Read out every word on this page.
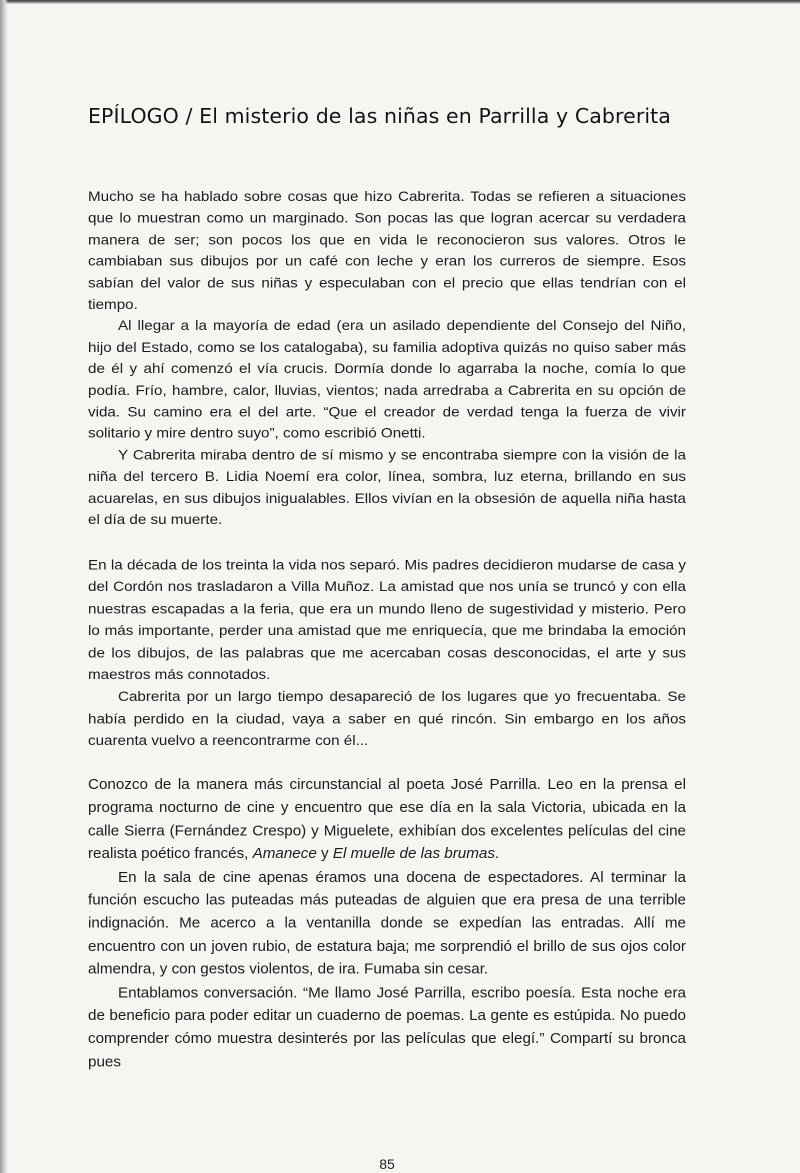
EPÍLOGO / El misterio de las niñas en Parrilla y Cabrerita

Mucho se ha hablado sobre cosas que hizo Cabrerita. Todas se refieren a situaciones que lo muestran como un marginado. Son pocas las que logran acercar su verdadera manera de ser; son pocos los que en vida le reconocieron sus valores. Otros le cambiaban sus dibujos por un café con leche y eran los curreros de siempre. Esos sabían del valor de sus niñas y especulaban con el precio que ellas tendrían con el tiempo.

Al llegar a la mayoría de edad (era un asilado dependiente del Consejo del Niño, hijo del Estado, como se los catalogaba), su familia adoptiva quizás no quiso saber más de él y ahí comenzó el vía crucis. Dormía donde lo agarraba la noche, comía lo que podía. Frío, hambre, calor, lluvias, vientos; nada arredraba a Cabrerita en su opción de vida. Su camino era el del arte. “Que el creador de verdad tenga la fuerza de vivir solitario y mire dentro suyo”, como escribió Onetti.

Y Cabrerita miraba dentro de sí mismo y se encontraba siempre con la visión de la niña del tercero B. Lidia Noemí era color, línea, sombra, luz eterna, brillando en sus acuarelas, en sus dibujos inigualables. Ellos vivían en la obsesión de aquella niña hasta el día de su muerte.

En la década de los treinta la vida nos separó. Mis padres decidieron mudarse de casa y del Cordón nos trasladaron a Villa Muñoz. La amistad que nos unía se truncó y con ella nuestras escapadas a la feria, que era un mundo lleno de sugestividad y misterio. Pero lo más importante, perder una amistad que me enriquecía, que me brindaba la emoción de los dibujos, de las palabras que me acercaban cosas desconocidas, el arte y sus maestros más connotados.

Cabrerita por un largo tiempo desapareció de los lugares que yo frecuentaba. Se había perdido en la ciudad, vaya a saber en qué rincón. Sin embargo en los años cuarenta vuelvo a reencontrarme con él...

Conozco de la manera más circunstancial al poeta José Parrilla. Leo en la prensa el programa nocturno de cine y encuentro que ese día en la sala Victoria, ubicada en la calle Sierra (Fernández Crespo) y Miguelete, exhibían dos excelentes películas del cine realista poético francés, Amanece y El muelle de las brumas.

En la sala de cine apenas éramos una docena de espectadores. Al terminar la función escucho las puteadas más puteadas de alguien que era presa de una terrible indignación. Me acerco a la ventanilla donde se expedían las entradas. Allí me encuentro con un joven rubio, de estatura baja; me sorprendió el brillo de sus ojos color almendra, y con gestos violentos, de ira. Fumaba sin cesar.

Entablamos conversación. “Me llamo José Parrilla, escribo poesía. Esta noche era de beneficio para poder editar un cuaderno de poemas. La gente es estúpida. No puedo comprender cómo muestra desinterés por las películas que elegí.” Compartí su bronca pues

85
